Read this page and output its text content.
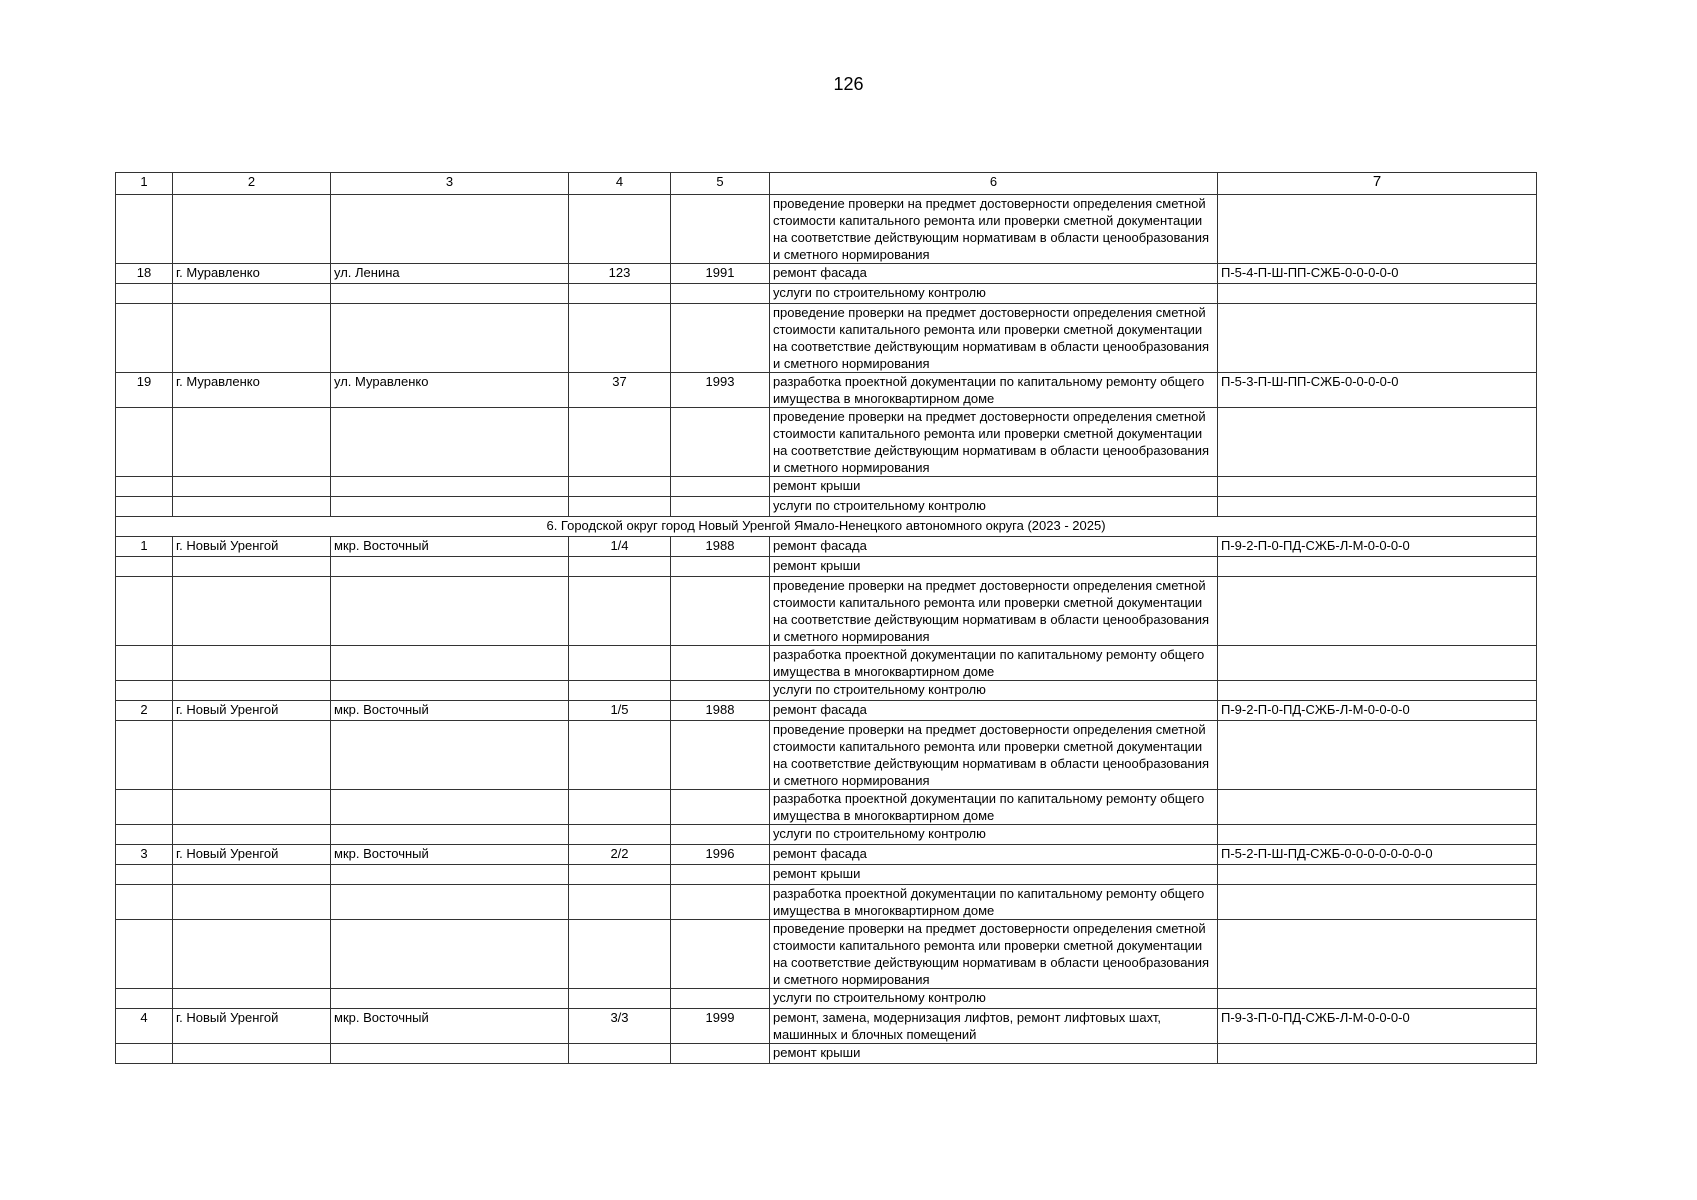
126
1	2	3	4	5	6	7
					проведение проверки на предмет достоверности определения сметной стоимости капитального ремонта или проверки сметной документации на соответствие действующим нормативам в области ценообразования и сметного нормирования	
18	г. Муравленко	ул. Ленина	123	1991	ремонт фасада	П-5-4-П-Ш-ПП-СЖБ-0-0-0-0-0
					услуги по строительному контролю	
					проведение проверки на предмет достоверности определения сметной стоимости капитального ремонта или проверки сметной документации на соответствие действующим нормативам в области ценообразования и сметного нормирования	
19	г. Муравленко	ул. Муравленко	37	1993	разработка проектной документации по капитальному ремонту общего имущества в многоквартирном доме	П-5-3-П-Ш-ПП-СЖБ-0-0-0-0-0
					проведение проверки на предмет достоверности определения сметной стоимости капитального ремонта или проверки сметной документации на соответствие действующим нормативам в области ценообразования и сметного нормирования	
					ремонт крыши	
					услуги по строительному контролю	
6. Городской округ город Новый Уренгой Ямало-Ненецкого автономного округа (2023 - 2025)						
1	г. Новый Уренгой	мкр. Восточный	1/4	1988	ремонт фасада	П-9-2-П-0-ПД-СЖБ-Л-М-0-0-0-0
					ремонт крыши	
					проведение проверки на предмет достоверности определения сметной стоимости капитального ремонта или проверки сметной документации на соответствие действующим нормативам в области ценообразования и сметного нормирования	
					разработка проектной документации по капитальному ремонту общего имущества в многоквартирном доме	
					услуги по строительному контролю	
2	г. Новый Уренгой	мкр. Восточный	1/5	1988	ремонт фасада	П-9-2-П-0-ПД-СЖБ-Л-М-0-0-0-0
					проведение проверки на предмет достоверности определения сметной стоимости капитального ремонта или проверки сметной документации на соответствие действующим нормативам в области ценообразования и сметного нормирования	
					разработка проектной документации по капитальному ремонту общего имущества в многоквартирном доме	
					услуги по строительному контролю	
3	г. Новый Уренгой	мкр. Восточный	2/2	1996	ремонт фасада	П-5-2-П-Ш-ПД-СЖБ-0-0-0-0-0-0-0-0
					ремонт крыши	
					разработка проектной документации по капитальному ремонту общего имущества в многоквартирном доме	
					проведение проверки на предмет достоверности определения сметной стоимости капитального ремонта или проверки сметной документации на соответствие действующим нормативам в области ценообразования и сметного нормирования	
					услуги по строительному контролю	
4	г. Новый Уренгой	мкр. Восточный	3/3	1999	ремонт, замена, модернизация лифтов, ремонт лифтовых шахт, машинных и блочных помещений	П-9-3-П-0-ПД-СЖБ-Л-М-0-0-0-0
					ремонт крыши	
